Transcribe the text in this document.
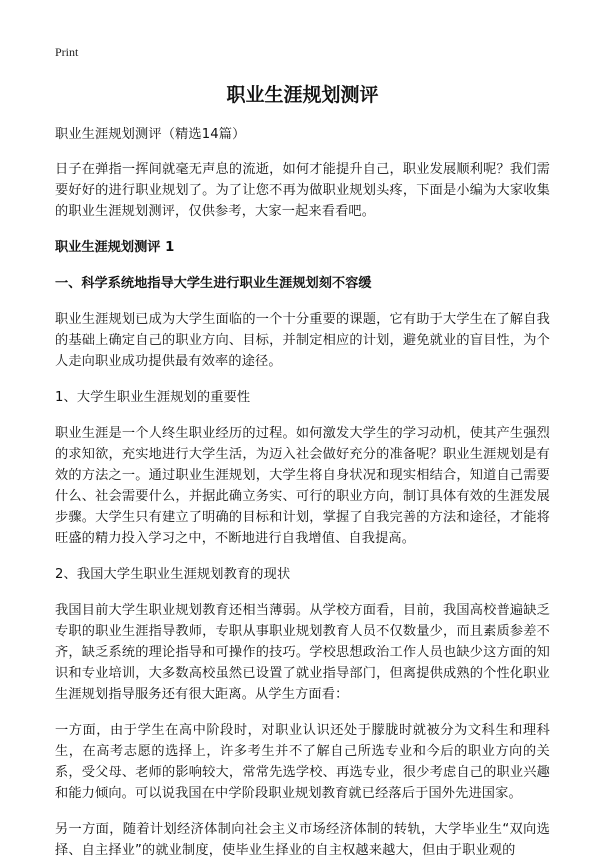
Print
职业生涯规划测评

职业生涯规划测评（精选14篇）

日子在弹指一挥间就毫无声息的流逝，如何才能提升自己，职业发展顺利呢？我们需要好好的进行职业规划了。为了让您不再为做职业规划头疼，下面是小编为大家收集的职业生涯规划测评，仅供参考，大家一起来看看吧。

职业生涯规划测评 1
一、科学系统地指导大学生进行职业生涯规划刻不容缓

职业生涯规划已成为大学生面临的一个十分重要的课题，它有助于大学生在了解自我的基础上确定自己的职业方向、目标，并制定相应的计划，避免就业的盲目性，为个人走向职业成功提供最有效率的途径。

1、大学生职业生涯规划的重要性

职业生涯是一个人终生职业经历的过程。如何激发大学生的学习动机，使其产生强烈的求知欲，充实地进行大学生活，为迈入社会做好充分的准备呢？职业生涯规划是有效的方法之一。通过职业生涯规划，大学生将自身状况和现实相结合，知道自己需要什么、社会需要什么，并据此确立务实、可行的职业方向，制订具体有效的生涯发展步骤。大学生只有建立了明确的目标和计划，掌握了自我完善的方法和途径，才能将旺盛的精力投入学习之中，不断地进行自我增值、自我提高。

2、我国大学生职业生涯规划教育的现状

我国目前大学生职业规划教育还相当薄弱。从学校方面看，目前，我国高校普遍缺乏专职的职业生涯指导教师，专职从事职业规划教育人员不仅数量少，而且素质参差不齐，缺乏系统的理论指导和可操作的技巧。学校思想政治工作人员也缺少这方面的知识和专业培训，大多数高校虽然已设置了就业指导部门，但离提供成熟的个性化职业生涯规划指导服务还有很大距离。从学生方面看：

一方面，由于学生在高中阶段时，对职业认识还处于朦胧时就被分为文科生和理科生，在高考志愿的选择上，许多考生并不了解自己所选专业和今后的职业方向的关系，受父母、老师的影响较大，常常先选学校、再选专业，很少考虑自己的职业兴趣和能力倾向。可以说我国在中学阶段职业规划教育就已经落后于国外先进国家。

另一方面，随着计划经济体制向社会主义市场经济体制的转轨，大学毕业生“双向选择、自主择业”的就业制度，使毕业生择业的自主权越来越大，但由于职业观的
